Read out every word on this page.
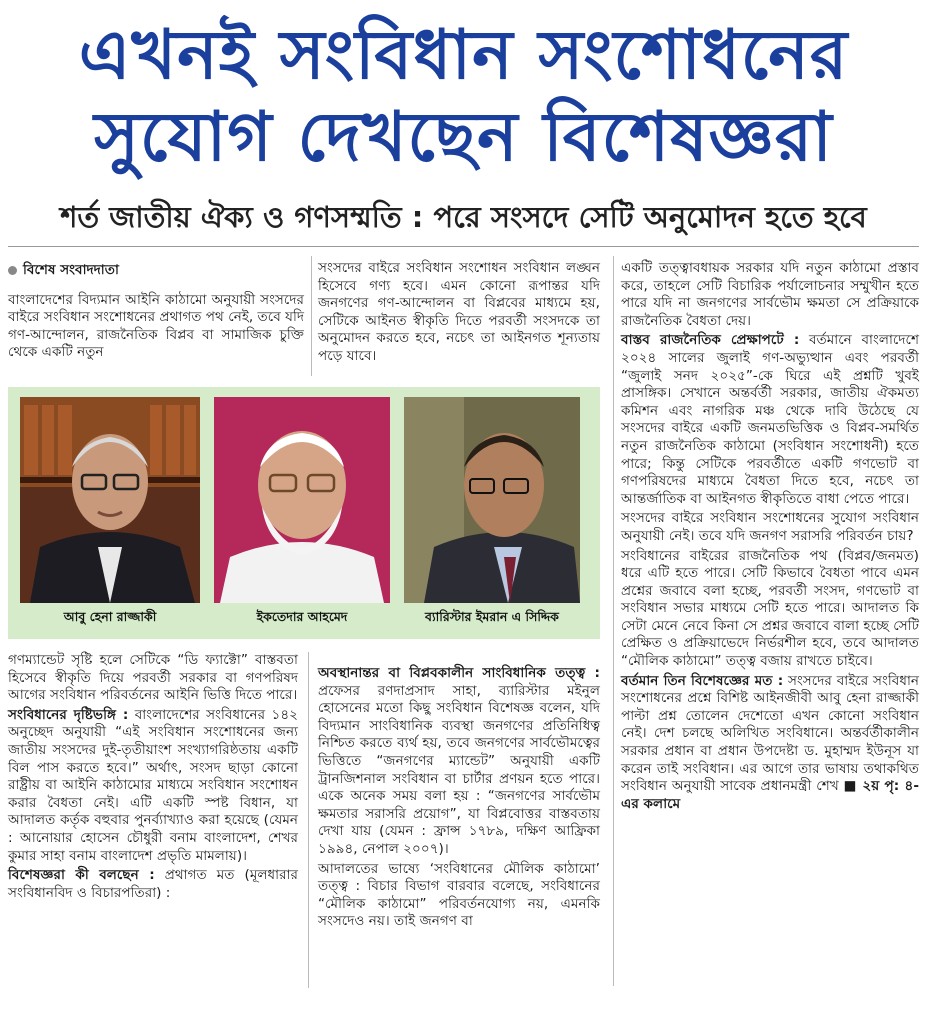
এখনই সংবিধান সংশোধনের
সুযোগ দেখছেন বিশেষজ্ঞরা
শর্ত জাতীয় ঐক্য ও গণসম্মতি : পরে সংসদে সেটি অনুমোদন হতে হবে
বিশেষ সংবাদদাতা

বাংলাদেশের বিদ্যমান আইনি কাঠামো অনুযায়ী সংসদের বাইরে সংবিধান সংশোধনের প্রথাগত পথ নেই, তবে যদি গণ-আন্দোলন, রাজনৈতিক বিপ্লব বা সামাজিক চুক্তি থেকে একটি নতুন

সংসদের বাইরে সংবিধান সংশোধন সংবিধান লঙ্ঘন হিসেবে গণ্য হবে। এমন কোনো রূপান্তর যদি জনগণের গণ-আন্দোলন বা বিপ্লবের মাধ্যমে হয়, সেটিকে আইনত স্বীকৃতি দিতে পরবর্তী সংসদকে তা অনুমোদন করতে হবে, নচেৎ তা আইনগত শূন্যতায় পড়ে যাবে।

আবু হেনা রাজ্জাকী	ইকতেদার আহমেদ	ব্যারিস্টার ইমরান এ সিদ্দিক

গণম্যান্ডেট সৃষ্টি হলে সেটিকে “ডি ফ্যাক্টো” বাস্তবতা হিসেবে স্বীকৃতি দিয়ে পরবর্তী সরকার বা গণপরিষদ আগের সংবিধান পরিবর্তনের আইনি ভিত্তি দিতে পারে।

সংবিধানের দৃষ্টিভঙ্গি : বাংলাদেশের সংবিধানের ১৪২ অনুচ্ছেদ অনুযায়ী “এই সংবিধান সংশোধনের জন্য জাতীয় সংসদের দুই-তৃতীয়াংশ সংখ্যাগরিষ্ঠতায় একটি বিল পাস করতে হবে।” অর্থাৎ, সংসদ ছাড়া কোনো রাষ্ট্রীয় বা আইনি কাঠামোর মাধ্যমে সংবিধান সংশোধন করার বৈধতা নেই। এটি একটি স্পষ্ট বিধান, যা আদালত কর্তৃক বহুবার পুনর্ব্যাখ্যাও করা হয়েছে (যেমন : আনোয়ার হোসেন চৌধুরী বনাম বাংলাদেশ, শেখর কুমার সাহা বনাম বাংলাদেশ প্রভৃতি মামলায়)।

বিশেষজ্ঞরা কী বলছেন : প্রথাগত মত (মূলধারার সংবিধানবিদ ও বিচারপতিরা) :

অবস্থানান্তর বা বিপ্লবকালীন সাংবিধানিক তত্ত্ব : প্রফেসর রণদাপ্রসাদ সাহা, ব্যারিস্টার মইনুল হোসেনের মতো কিছু সংবিধান বিশেষজ্ঞ বলেন, যদি বিদ্যমান সাংবিধানিক ব্যবস্থা জনগণের প্রতিনিধিত্ব নিশ্চিত করতে ব্যর্থ হয়, তবে জনগণের সার্বভৌমত্বের ভিত্তিতে “জনগণের ম্যান্ডেট” অনুযায়ী একটি ট্রানজিশনাল সংবিধান বা চার্টার প্রণয়ন হতে পারে। একে অনেক সময় বলা হয় : “জনগণের সার্বভৌম ক্ষমতার সরাসরি প্রয়োগ”, যা বিপ্লবোত্তর বাস্তবতায় দেখা যায় (যেমন : ফ্রান্স ১৭৮৯, দক্ষিণ আফ্রিকা ১৯৯৪, নেপাল ২০০৭)।

আদালতের ভাষ্যে ‘সংবিধানের মৌলিক কাঠামো’ তত্ত্ব : বিচার বিভাগ বারবার বলেছে, সংবিধানের “মৌলিক কাঠামো” পরিবর্তনযোগ্য নয়, এমনকি সংসদেও নয়। তাই জনগণ বা

একটি তত্ত্বাবধায়ক সরকার যদি নতুন কাঠামো প্রস্তাব করে, তাহলে সেটি বিচারিক পর্যালোচনার সম্মুখীন হতে পারে যদি না জনগণের সার্বভৌম ক্ষমতা সে প্রক্রিয়াকে রাজনৈতিক বৈধতা দেয়।

বাস্তব রাজনৈতিক প্রেক্ষাপটে : বর্তমানে বাংলাদেশে ২০২৪ সালের জুলাই গণ-অভ্যুত্থান এবং পরবর্তী “জুলাই সনদ ২০২৫”-কে ঘিরে এই প্রশ্নটি খুবই প্রাসঙ্গিক। সেখানে অন্তর্বর্তী সরকার, জাতীয় ঐকমত্য কমিশন এবং নাগরিক মঞ্চ থেকে দাবি উঠেছে যে সংসদের বাইরে একটি জনমতভিত্তিক ও বিপ্লব-সমর্থিত নতুন রাজনৈতিক কাঠামো (সংবিধান সংশোধনী) হতে পারে; কিন্তু সেটিকে পরবর্তীতে একটি গণভোট বা গণপরিষদের মাধ্যমে বৈধতা দিতে হবে, নচেৎ তা আন্তর্জাতিক বা আইনগত স্বীকৃতিতে বাধা পেতে পারে।

সংসদের বাইরে সংবিধান সংশোধনের সুযোগ সংবিধান অনুযায়ী নেই। তবে যদি জনগণ সরাসরি পরিবর্তন চায়?

সংবিধানের বাইরের রাজনৈতিক পথ (বিপ্লব/জনমত) ধরে এটি হতে পারে। সেটি কিভাবে বৈধতা পাবে এমন প্রশ্নের জবাবে বলা হচ্ছে, পরবর্তী সংসদ, গণভোট বা সংবিধান সভার মাধ্যমে সেটি হতে পারে। আদালত কি সেটা মেনে নেবে কিনা সে প্রশ্নর জবাবে বালা হচ্ছে সেটি প্রেক্ষিত ও প্রক্রিয়াভেদে নির্ভরশীল হবে, তবে আদালত “মৌলিক কাঠামো” তত্ত্ব বজায় রাখতে চাইবে।

বর্তমান তিন বিশেষজ্ঞের মত : সংসদের বাইরে সংবিধান সংশোধনের প্রশ্নে বিশিষ্ট আইনজীবী আবু হেনা রাজ্জাকী পাল্টা প্রশ্ন তোলেন দেশেতো এখন কোনো সংবিধান নেই। দেশ চলছে অলিখিত সংবিধানে। অন্তর্বর্তীকালীন সরকার প্রধান বা প্রধান উপদেষ্টা ড. মুহাম্মদ ইউনূস যা করেন তাই সংবিধান। এর আগে তার ভাষায় তথাকথিত সংবিধান অনুযায়ী সাবেক প্রধানমন্ত্রী শেখ ■ ২য় পৃ: ৪-এর কলামে
